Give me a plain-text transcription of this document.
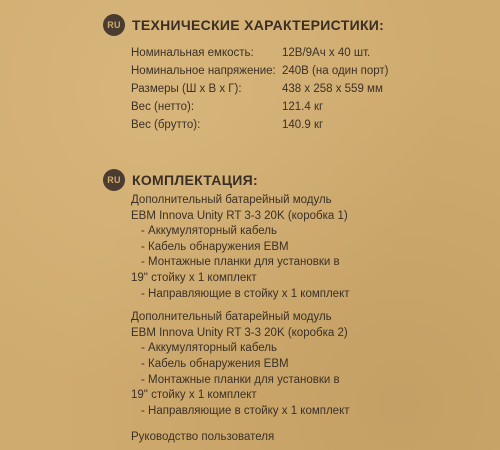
RU ТЕХНИЧЕСКИЕ ХАРАКТЕРИСТИКИ:
Номинальная емкость: 12В/9Ач x 40 шт.
Номинальное напряжение: 240В (на один порт)
Размеры (Ш x В x Г):	438 x 258 x 559 мм
Вес (нетто):	121.4 кг
Вес (брутто):	140.9 кг
RU КОМПЛЕКТАЦИЯ:
Дополнительный батарейный модуль
EBM Innova Unity RT 3-3 20K (коробка 1)
- Аккумуляторный кабель
- Кабель обнаружения EBM
- Монтажные планки для установки в
19" стойку x 1 комплект
- Направляющие в стойку x 1 комплект
Дополнительный батарейный модуль
EBM Innova Unity RT 3-3 20K (коробка 2)
- Аккумуляторный кабель
- Кабель обнаружения EBM
- Монтажные планки для установки в
19" стойку x 1 комплект
- Направляющие в стойку x 1 комплект
Руководство пользователя
